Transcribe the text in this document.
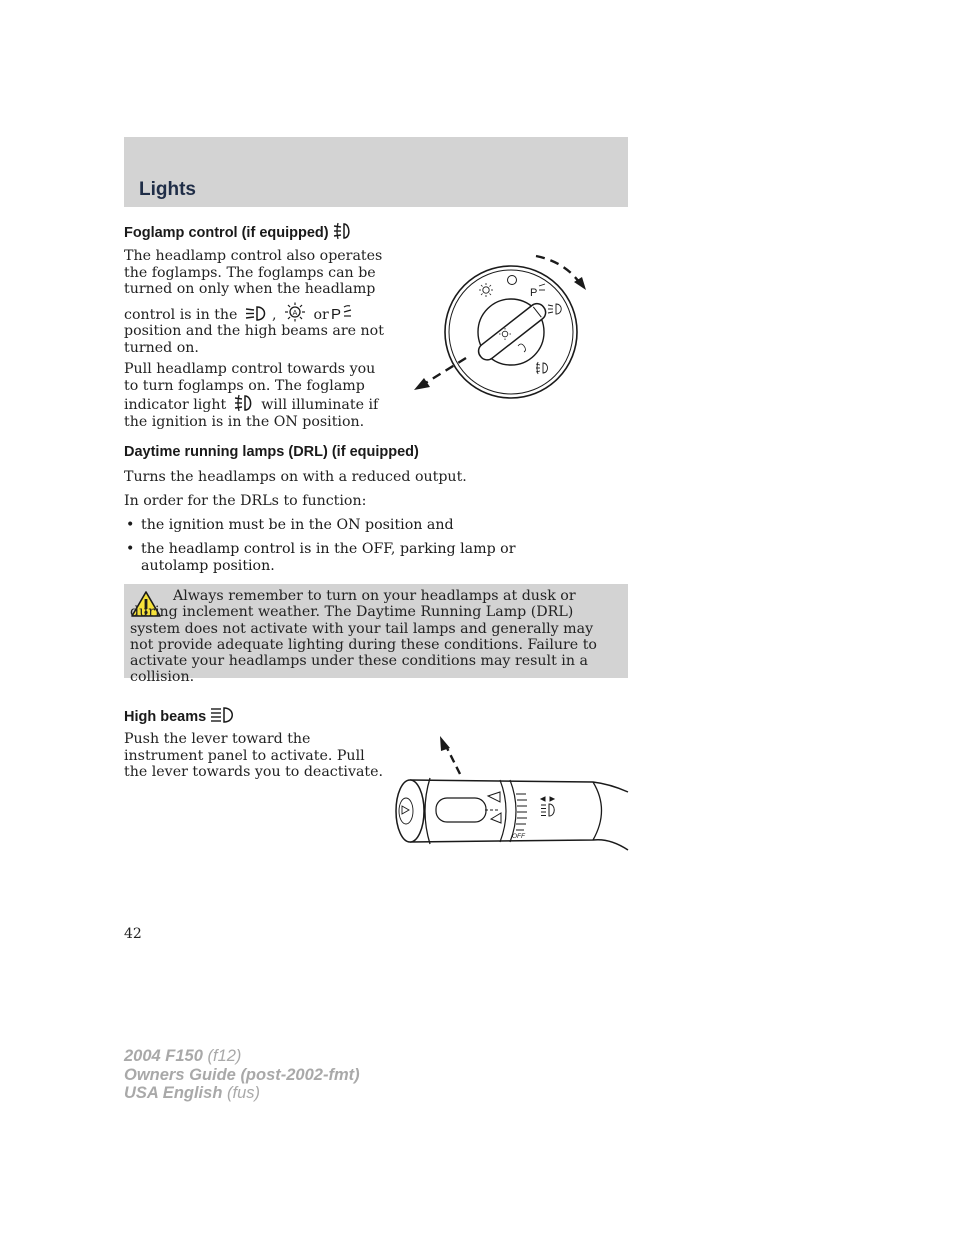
Lights
Foglamp control (if equipped)
The headlamp control also operates
the foglamps. The foglamps can be
turned on only when the headlamp
control is in the , A or P
position and the high beams are not
turned on.
Pull headlamp control towards you
to turn foglamps on. The foglamp
indicator light will illuminate if
the ignition is in the ON position.
P
Daytime running lamps (DRL) (if equipped)
Turns the headlamps on with a reduced output.
In order for the DRLs to function:
• the ignition must be in the ON position and
• the headlamp control is in the OFF, parking lamp or autolamp position.

Always remember to turn on your headlamps at dusk or during inclement weather. The Daytime Running Lamp (DRL) system does not activate with your tail lamps and generally may not provide adequate lighting during these conditions. Failure to activate your headlamps under these conditions may result in a collision.

High beams
Push the lever toward the
instrument panel to activate. Pull
the lever towards you to deactivate.
OFF
42
2004 F150 (f12)
Owners Guide (post-2002-fmt)
USA English (fus)
